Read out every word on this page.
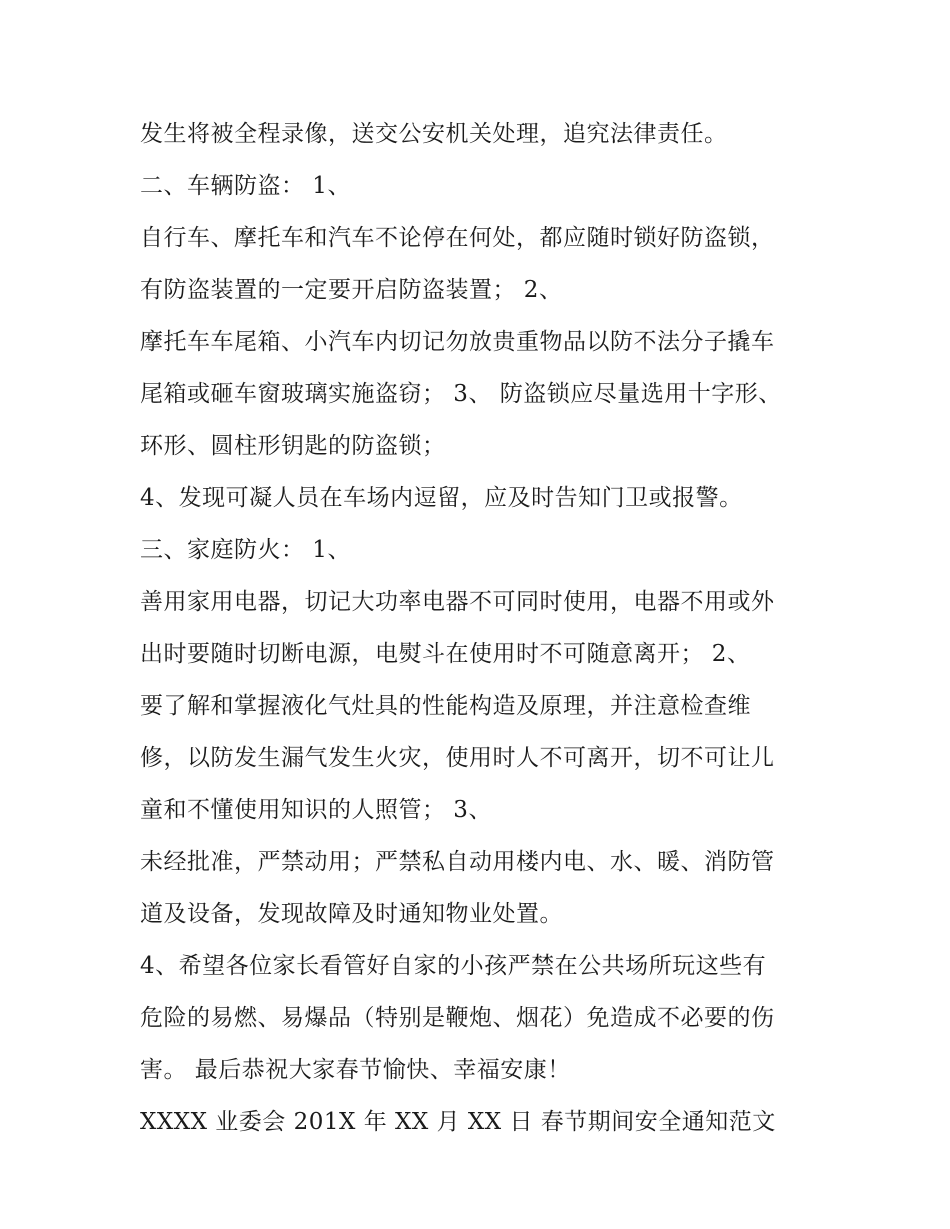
发生将被全程录像，送交公安机关处理，追究法律责任。
二、车辆防盗： 1、
自行车、摩托车和汽车不论停在何处，都应随时锁好防盗锁，
有防盗装置的一定要开启防盗装置； 2、
摩托车车尾箱、小汽车内切记勿放贵重物品以防不法分子撬车
尾箱或砸车窗玻璃实施盗窃； 3、 防盗锁应尽量选用十字形、
环形、圆柱形钥匙的防盗锁；
4、发现可凝人员在车场内逗留，应及时告知门卫或报警。
三、家庭防火： 1、
善用家用电器，切记大功率电器不可同时使用，电器不用或外
出时要随时切断电源，电熨斗在使用时不可随意离开； 2、
要了解和掌握液化气灶具的性能构造及原理，并注意检查维
修，以防发生漏气发生火灾，使用时人不可离开，切不可让儿
童和不懂使用知识的人照管； 3、
未经批准，严禁动用；严禁私自动用楼内电、水、暖、消防管
道及设备，发现故障及时通知物业处置。
4、希望各位家长看管好自家的小孩严禁在公共场所玩这些有
危险的易燃、易爆品（特别是鞭炮、烟花）免造成不必要的伤
害。 最后恭祝大家春节愉快、幸福安康！
XXXX 业委会 201X 年 XX 月 XX 日 春节期间安全通知范文
